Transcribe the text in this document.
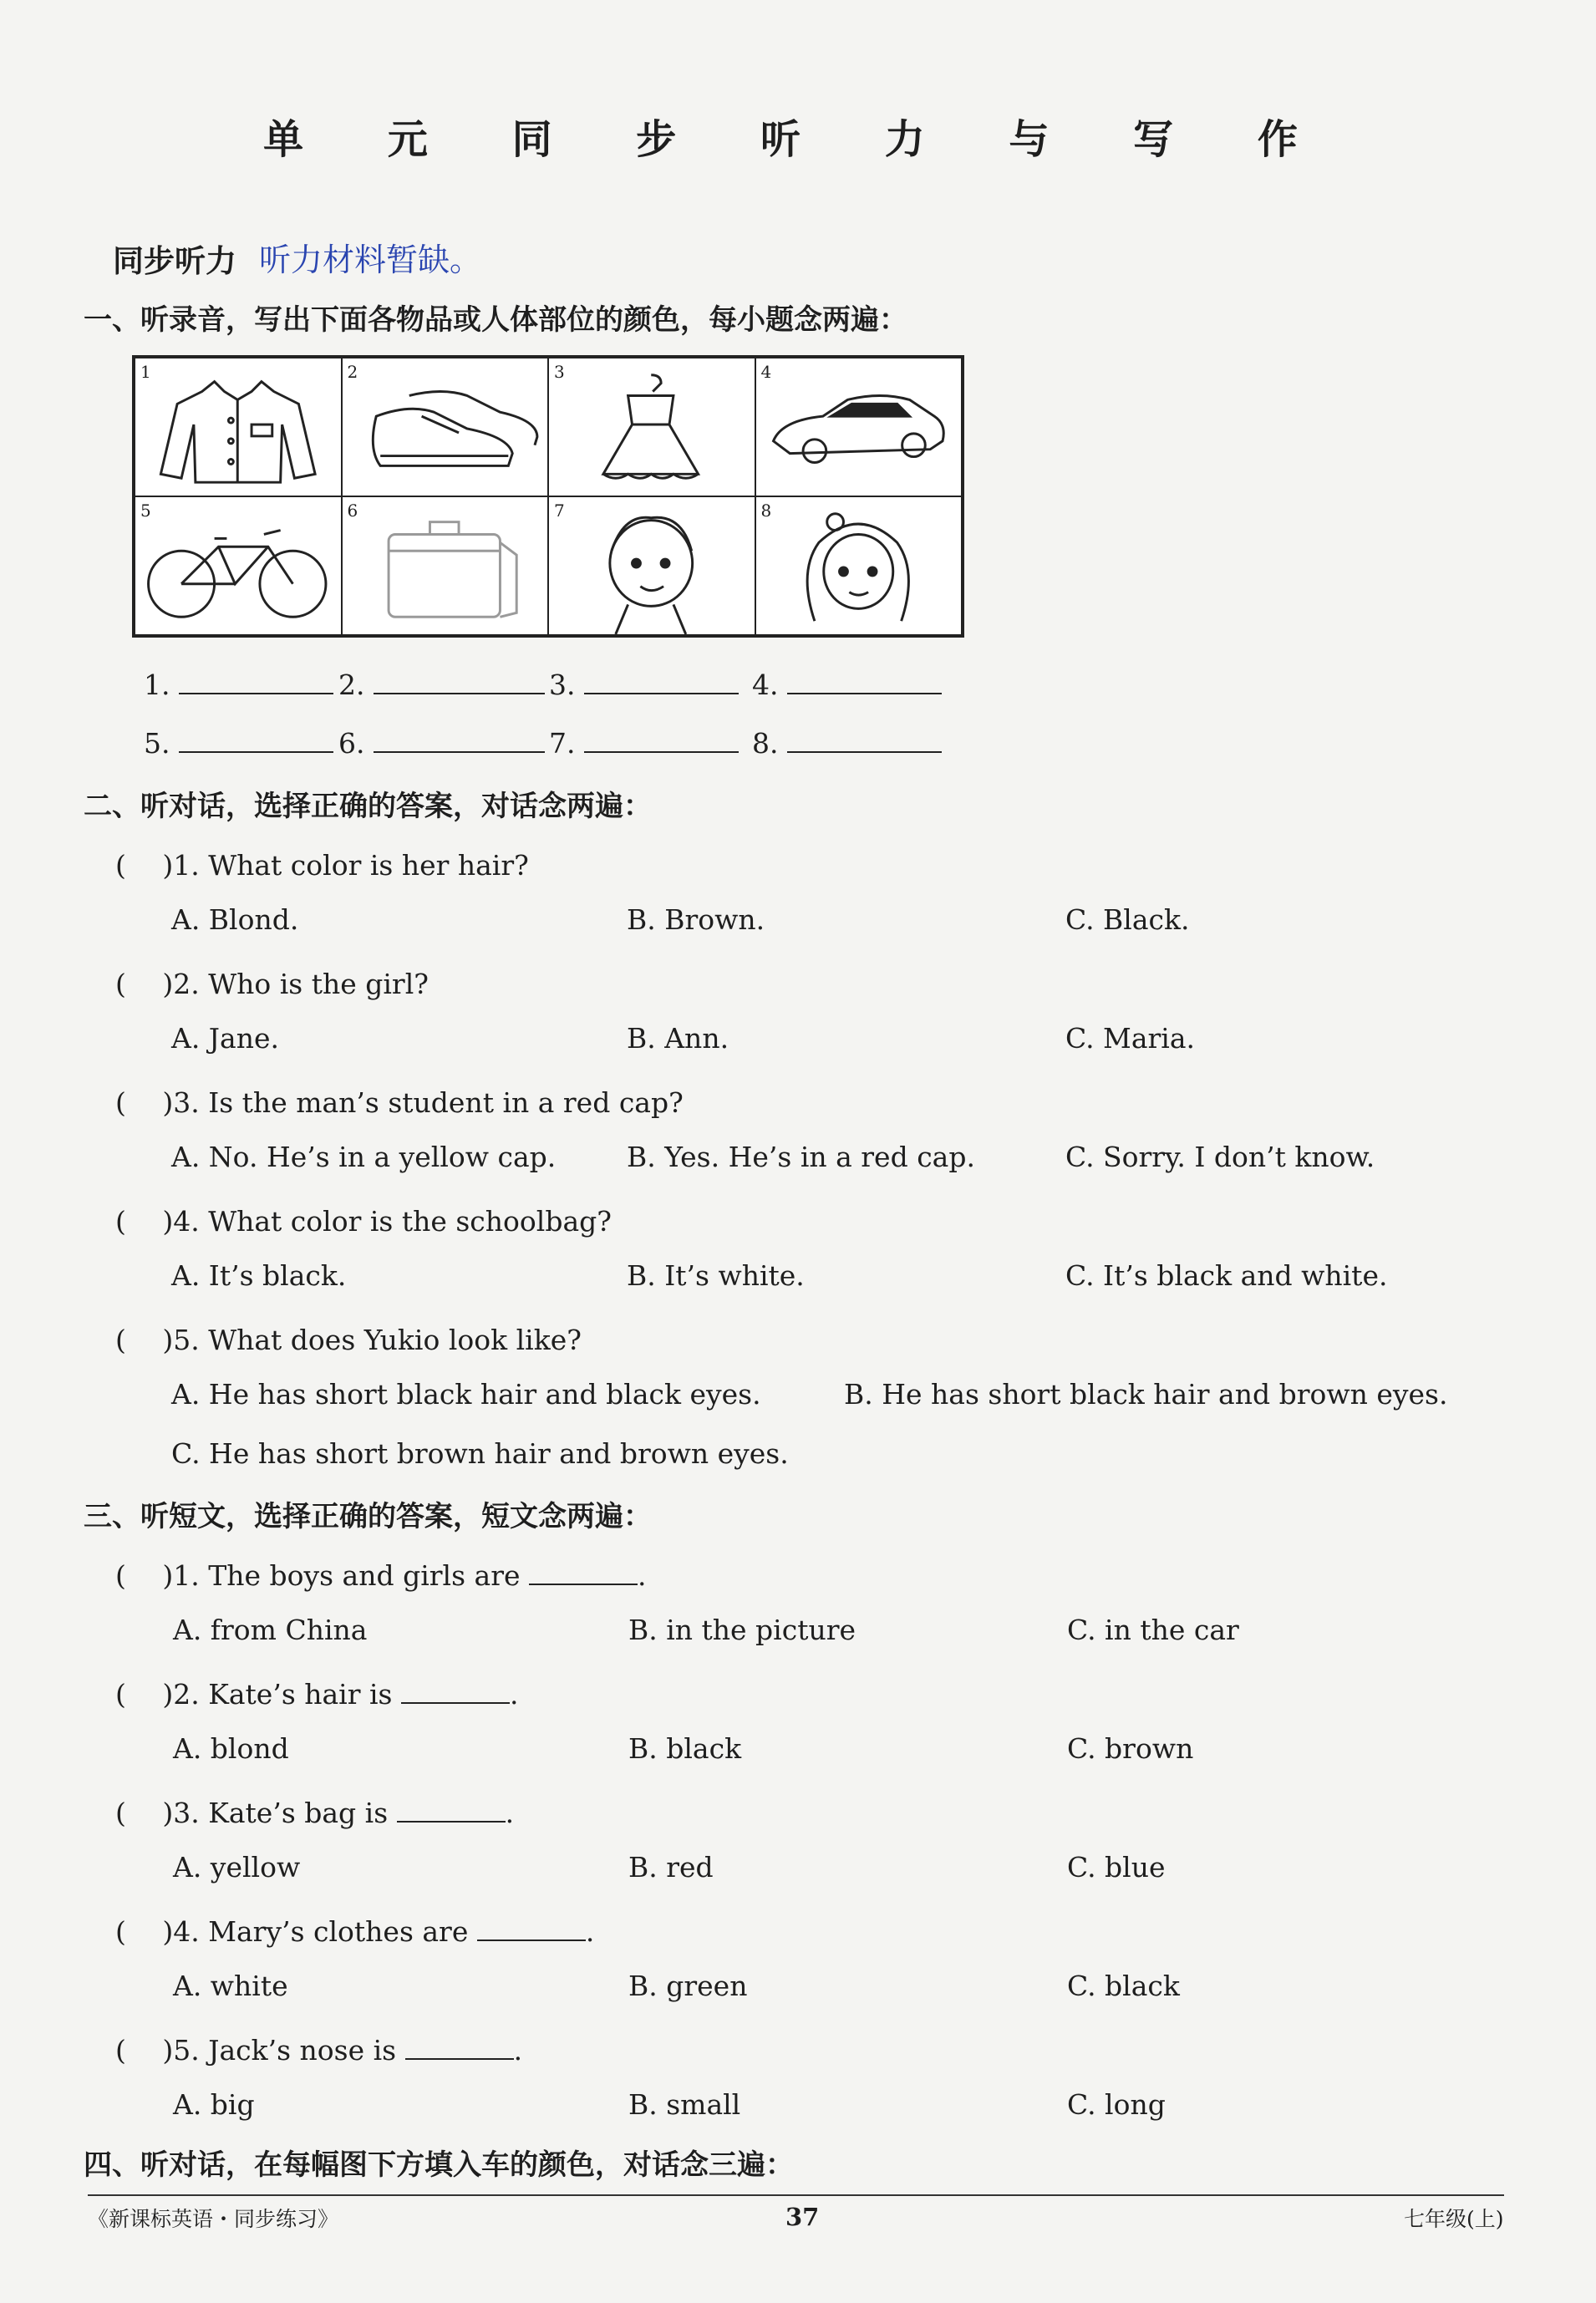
单 元 同 步 听 力 与 写 作
同步听力 听力材料暂缺。
一、听录音，写出下面各物品或人体部位的颜色，每小题念两遍：
1	2	3	4
5	6	7	8
1.	2.	3.	4.
5.	6.	7.	8.
二、听对话，选择正确的答案，对话念两遍：
(　 )1. What color is her hair?
A. Blond.	B. Brown.	C. Black.
(　 )2. Who is the girl?
A. Jane.	B. Ann.	C. Maria.
(　 )3. Is the man’s student in a red cap?
A. No. He’s in a yellow cap.	B. Yes. He’s in a red cap.	C. Sorry. I don’t know.
(　 )4. What color is the schoolbag?
A. It’s black.	B. It’s white.	C. It’s black and white.
(　 )5. What does Yukio look like?
A. He has short black hair and black eyes.	B. He has short black hair and brown eyes.
C. He has short brown hair and brown eyes.
三、听短文，选择正确的答案，短文念两遍：
(　 )1. The boys and girls are	.
A. from China	B. in the picture	C. in the car
(　 )2. Kate’s hair is	.
A. blond	B. black	C. brown
(　 )3. Kate’s bag is	.
A. yellow	B. red	C. blue
(　 )4. Mary’s clothes are	.
A. white	B. green	C. black
(　 )5. Jack’s nose is	.
A. big	B. small	C. long
四、听对话，在每幅图下方填入车的颜色，对话念三遍：
《新课标英语・同步练习》	37	七年级(上)
